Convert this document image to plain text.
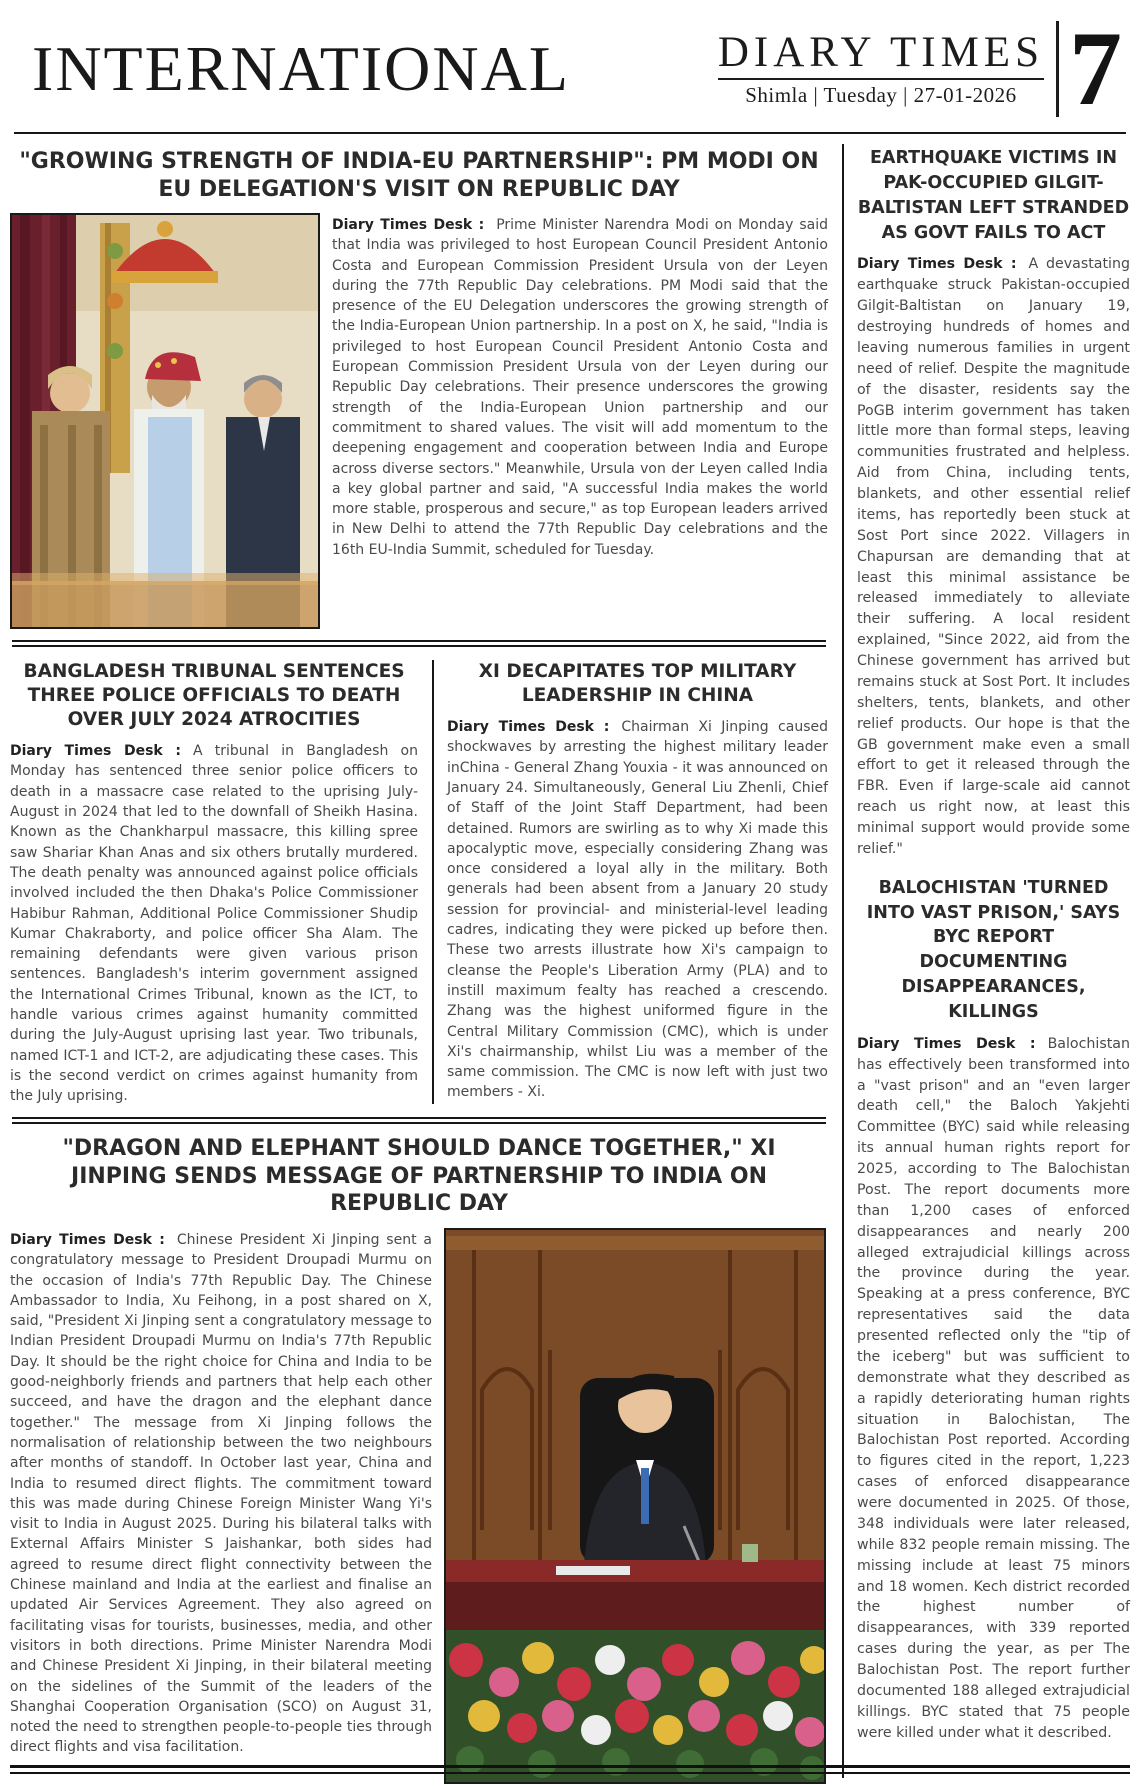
INTERNATIONAL	DIARY TIMES
Shimla | Tuesday | 27-01-2026 7
"GROWING STRENGTH OF INDIA-EU PARTNERSHIP": PM MODI ON EU DELEGATION'S VISIT ON REPUBLIC DAY

Diary Times Desk : Prime Minister Narendra Modi on Monday said that India was privileged to host European Council President Antonio Costa and European Commission President Ursula von der Leyen during the 77th Republic Day celebrations. PM Modi said that the presence of the EU Delegation underscores the growing strength of the India-European Union partnership. In a post on X, he said, "India is privileged to host European Council President Antonio Costa and European Commission President Ursula von der Leyen during our Republic Day celebrations. Their presence underscores the growing strength of the India-European Union partnership and our commitment to shared values. The visit will add momentum to the deepening engagement and cooperation between India and Europe across diverse sectors." Meanwhile, Ursula von der Leyen called India a key global partner and said, "A successful India makes the world more stable, prosperous and secure," as top European leaders arrived in New Delhi to attend the 77th Republic Day celebrations and the 16th EU-India Summit, scheduled for Tuesday.

BANGLADESH TRIBUNAL SENTENCES THREE POLICE OFFICIALS TO DEATH OVER JULY 2024 ATROCITIES

Diary Times Desk : A tribunal in Bangladesh on Monday has sentenced three senior police officers to death in a massacre case related to the uprising July-August in 2024 that led to the downfall of Sheikh Hasina. Known as the Chankharpul massacre, this killing spree saw Shariar Khan Anas and six others brutally murdered. The death penalty was announced against police officials involved included the then Dhaka's Police Commissioner Habibur Rahman, Additional Police Commissioner Shudip Kumar Chakraborty, and police officer Sha Alam. The remaining defendants were given various prison sentences. Bangladesh's interim government assigned the International Crimes Tribunal, known as the ICT, to handle various crimes against humanity committed during the July-August uprising last year. Two tribunals, named ICT-1 and ICT-2, are adjudicating these cases. This is the second verdict on crimes against humanity from the July uprising.

XI DECAPITATES TOP MILITARY LEADERSHIP IN CHINA

Diary Times Desk : Chairman Xi Jinping caused shockwaves by arresting the highest military leader inChina - General Zhang Youxia - it was announced on January 24. Simultaneously, General Liu Zhenli, Chief of Staff of the Joint Staff Department, had been detained. Rumors are swirling as to why Xi made this apocalyptic move, especially considering Zhang was once considered a loyal ally in the military. Both generals had been absent from a January 20 study session for provincial- and ministerial-level leading cadres, indicating they were picked up before then. These two arrests illustrate how Xi's campaign to cleanse the People's Liberation Army (PLA) and to instill maximum fealty has reached a crescendo. Zhang was the highest uniformed figure in the Central Military Commission (CMC), which is under Xi's chairmanship, whilst Liu was a member of the same commission. The CMC is now left with just two members - Xi.

"DRAGON AND ELEPHANT SHOULD DANCE TOGETHER," XI JINPING SENDS MESSAGE OF PARTNERSHIP TO INDIA ON REPUBLIC DAY

Diary Times Desk : Chinese President Xi Jinping sent a congratulatory message to President Droupadi Murmu on the occasion of India's 77th Republic Day. The Chinese Ambassador to India, Xu Feihong, in a post shared on X, said, "President Xi Jinping sent a congratulatory message to Indian President Droupadi Murmu on India's 77th Republic Day. It should be the right choice for China and India to be good-neighborly friends and partners that help each other succeed, and have the dragon and the elephant dance together." The message from Xi Jinping follows the normalisation of relationship between the two neighbours after months of standoff. In October last year, China and India to resumed direct flights. The commitment toward this was made during Chinese Foreign Minister Wang Yi's visit to India in August 2025. During his bilateral talks with External Affairs Minister S Jaishankar, both sides had agreed to resume direct flight connectivity between the Chinese mainland and India at the earliest and finalise an updated Air Services Agreement. They also agreed on facilitating visas for tourists, businesses, media, and other visitors in both directions. Prime Minister Narendra Modi and Chinese President Xi Jinping, in their bilateral meeting on the sidelines of the Summit of the leaders of the Shanghai Cooperation Organisation (SCO) on August 31, noted the need to strengthen people-to-people ties through direct flights and visa facilitation.

EARTHQUAKE VICTIMS IN PAK-OCCUPIED GILGIT-BALTISTAN LEFT STRANDED AS GOVT FAILS TO ACT

Diary Times Desk : A devastating earthquake struck Pakistan-occupied Gilgit-Baltistan on January 19, destroying hundreds of homes and leaving numerous families in urgent need of relief. Despite the magnitude of the disaster, residents say the PoGB interim government has taken little more than formal steps, leaving communities frustrated and helpless. Aid from China, including tents, blankets, and other essential relief items, has reportedly been stuck at Sost Port since 2022. Villagers in Chapursan are demanding that at least this minimal assistance be released immediately to alleviate their suffering. A local resident explained, "Since 2022, aid from the Chinese government has arrived but remains stuck at Sost Port. It includes shelters, tents, blankets, and other relief products. Our hope is that the GB government make even a small effort to get it released through the FBR. Even if large-scale aid cannot reach us right now, at least this minimal support would provide some relief."

BALOCHISTAN 'TURNED INTO VAST PRISON,' SAYS BYC REPORT DOCUMENTING DISAPPEARANCES, KILLINGS

Diary Times Desk : Balochistan has effectively been transformed into a "vast prison" and an "even larger death cell," the Baloch Yakjehti Committee (BYC) said while releasing its annual human rights report for 2025, according to The Balochistan Post. The report documents more than 1,200 cases of enforced disappearances and nearly 200 alleged extrajudicial killings across the province during the year. Speaking at a press conference, BYC representatives said the data presented reflected only the "tip of the iceberg" but was sufficient to demonstrate what they described as a rapidly deteriorating human rights situation in Balochistan, The Balochistan Post reported. According to figures cited in the report, 1,223 cases of enforced disappearance were documented in 2025. Of those, 348 individuals were later released, while 832 people remain missing. The missing include at least 75 minors and 18 women. Kech district recorded the highest number of disappearances, with 339 reported cases during the year, as per The Balochistan Post. The report further documented 188 alleged extrajudicial killings. BYC stated that 75 people were killed under what it described.
